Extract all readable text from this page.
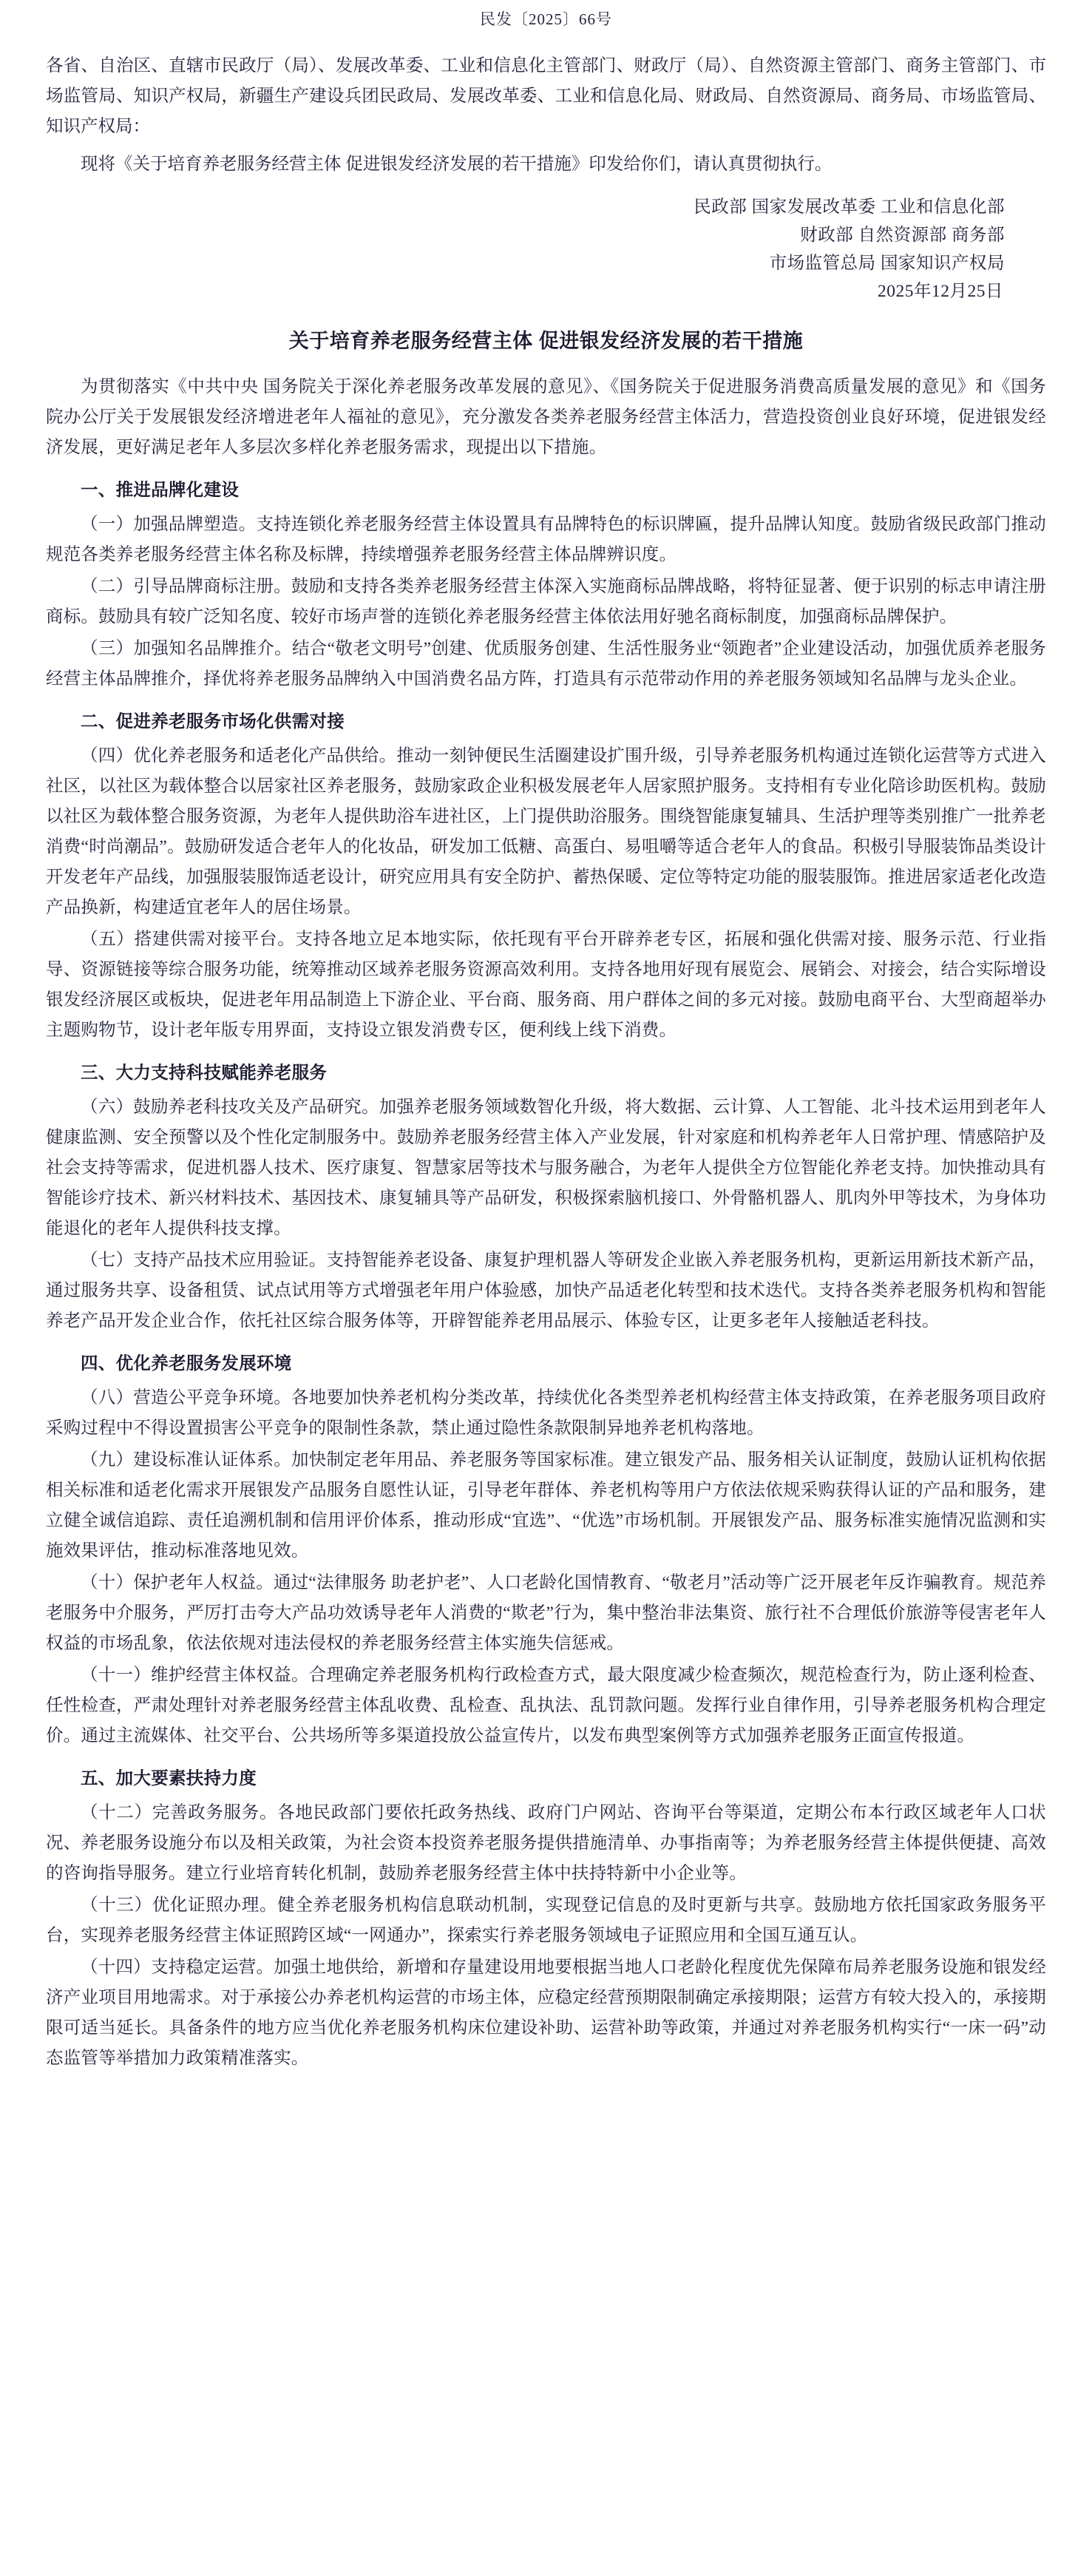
民发〔2025〕66号

各省、自治区、直辖市民政厅（局）、发展改革委、工业和信息化主管部门、财政厅（局）、自然资源主管部门、商务主管部门、市场监管局、知识产权局，新疆生产建设兵团民政局、发展改革委、工业和信息化局、财政局、自然资源局、商务局、市场监管局、知识产权局：

现将《关于培育养老服务经营主体 促进银发经济发展的若干措施》印发给你们，请认真贯彻执行。

民政部 国家发展改革委 工业和信息化部
财政部 自然资源部 商务部
市场监管总局 国家知识产权局
2025年12月25日
关于培育养老服务经营主体 促进银发经济发展的若干措施

为贯彻落实《中共中央 国务院关于深化养老服务改革发展的意见》、《国务院关于促进服务消费高质量发展的意见》和《国务院办公厅关于发展银发经济增进老年人福祉的意见》，充分激发各类养老服务经营主体活力，营造投资创业良好环境，促进银发经济发展，更好满足老年人多层次多样化养老服务需求，现提出以下措施。

一、推进品牌化建设

（一）加强品牌塑造。支持连锁化养老服务经营主体设置具有品牌特色的标识牌匾，提升品牌认知度。鼓励省级民政部门推动规范各类养老服务经营主体名称及标牌，持续增强养老服务经营主体品牌辨识度。

（二）引导品牌商标注册。鼓励和支持各类养老服务经营主体深入实施商标品牌战略，将特征显著、便于识别的标志申请注册商标。鼓励具有较广泛知名度、较好市场声誉的连锁化养老服务经营主体依法用好驰名商标制度，加强商标品牌保护。

（三）加强知名品牌推介。结合“敬老文明号”创建、优质服务创建、生活性服务业“领跑者”企业建设活动，加强优质养老服务经营主体品牌推介，择优将养老服务品牌纳入中国消费名品方阵，打造具有示范带动作用的养老服务领域知名品牌与龙头企业。

二、促进养老服务市场化供需对接

（四）优化养老服务和适老化产品供给。推动一刻钟便民生活圈建设扩围升级，引导养老服务机构通过连锁化运营等方式进入社区，以社区为载体整合以居家社区养老服务，鼓励家政企业积极发展老年人居家照护服务。支持相有专业化陪诊助医机构。鼓励以社区为载体整合服务资源，为老年人提供助浴车进社区，上门提供助浴服务。围绕智能康复辅具、生活护理等类别推广一批养老消费“时尚潮品”。鼓励研发适合老年人的化妆品，研发加工低糖、高蛋白、易咀嚼等适合老年人的食品。积极引导服装饰品类设计开发老年产品线，加强服装服饰适老设计，研究应用具有安全防护、蓄热保暖、定位等特定功能的服装服饰。推进居家适老化改造产品换新，构建适宜老年人的居住场景。

（五）搭建供需对接平台。支持各地立足本地实际，依托现有平台开辟养老专区，拓展和强化供需对接、服务示范、行业指导、资源链接等综合服务功能，统筹推动区域养老服务资源高效利用。支持各地用好现有展览会、展销会、对接会，结合实际增设银发经济展区或板块，促进老年用品制造上下游企业、平台商、服务商、用户群体之间的多元对接。鼓励电商平台、大型商超举办主题购物节，设计老年版专用界面，支持设立银发消费专区，便利线上线下消费。

三、大力支持科技赋能养老服务

（六）鼓励养老科技攻关及产品研究。加强养老服务领域数智化升级，将大数据、云计算、人工智能、北斗技术运用到老年人健康监测、安全预警以及个性化定制服务中。鼓励养老服务经营主体入产业发展，针对家庭和机构养老年人日常护理、情感陪护及社会支持等需求，促进机器人技术、医疗康复、智慧家居等技术与服务融合，为老年人提供全方位智能化养老支持。加快推动具有智能诊疗技术、新兴材料技术、基因技术、康复辅具等产品研发，积极探索脑机接口、外骨骼机器人、肌肉外甲等技术，为身体功能退化的老年人提供科技支撑。

（七）支持产品技术应用验证。支持智能养老设备、康复护理机器人等研发企业嵌入养老服务机构，更新运用新技术新产品，通过服务共享、设备租赁、试点试用等方式增强老年用户体验感，加快产品适老化转型和技术迭代。支持各类养老服务机构和智能养老产品开发企业合作，依托社区综合服务体等，开辟智能养老用品展示、体验专区，让更多老年人接触适老科技。

四、优化养老服务发展环境

（八）营造公平竞争环境。各地要加快养老机构分类改革，持续优化各类型养老机构经营主体支持政策，在养老服务项目政府采购过程中不得设置损害公平竞争的限制性条款，禁止通过隐性条款限制异地养老机构落地。

（九）建设标准认证体系。加快制定老年用品、养老服务等国家标准。建立银发产品、服务相关认证制度，鼓励认证机构依据相关标准和适老化需求开展银发产品服务自愿性认证，引导老年群体、养老机构等用户方依法依规采购获得认证的产品和服务，建立健全诚信追踪、责任追溯机制和信用评价体系，推动形成“宜选”、“优选”市场机制。开展银发产品、服务标准实施情况监测和实施效果评估，推动标准落地见效。

（十）保护老年人权益。通过“法律服务 助老护老”、人口老龄化国情教育、“敬老月”活动等广泛开展老年反诈骗教育。规范养老服务中介服务，严厉打击夸大产品功效诱导老年人消费的“欺老”行为，集中整治非法集资、旅行社不合理低价旅游等侵害老年人权益的市场乱象，依法依规对违法侵权的养老服务经营主体实施失信惩戒。

（十一）维护经营主体权益。合理确定养老服务机构行政检查方式，最大限度减少检查频次，规范检查行为，防止逐利检查、任性检查，严肃处理针对养老服务经营主体乱收费、乱检查、乱执法、乱罚款问题。发挥行业自律作用，引导养老服务机构合理定价。通过主流媒体、社交平台、公共场所等多渠道投放公益宣传片，以发布典型案例等方式加强养老服务正面宣传报道。

五、加大要素扶持力度

（十二）完善政务服务。各地民政部门要依托政务热线、政府门户网站、咨询平台等渠道，定期公布本行政区域老年人口状况、养老服务设施分布以及相关政策，为社会资本投资养老服务提供措施清单、办事指南等；为养老服务经营主体提供便捷、高效的咨询指导服务。建立行业培育转化机制，鼓励养老服务经营主体中扶持特新中小企业等。

（十三）优化证照办理。健全养老服务机构信息联动机制，实现登记信息的及时更新与共享。鼓励地方依托国家政务服务平台，实现养老服务经营主体证照跨区域“一网通办”，探索实行养老服务领域电子证照应用和全国互通互认。

（十四）支持稳定运营。加强土地供给，新增和存量建设用地要根据当地人口老龄化程度优先保障布局养老服务设施和银发经济产业项目用地需求。对于承接公办养老机构运营的市场主体，应稳定经营预期限制确定承接期限；运营方有较大投入的，承接期限可适当延长。具备条件的地方应当优化养老服务机构床位建设补助、运营补助等政策，并通过对养老服务机构实行“一床一码”动态监管等举措加力政策精准落实。
